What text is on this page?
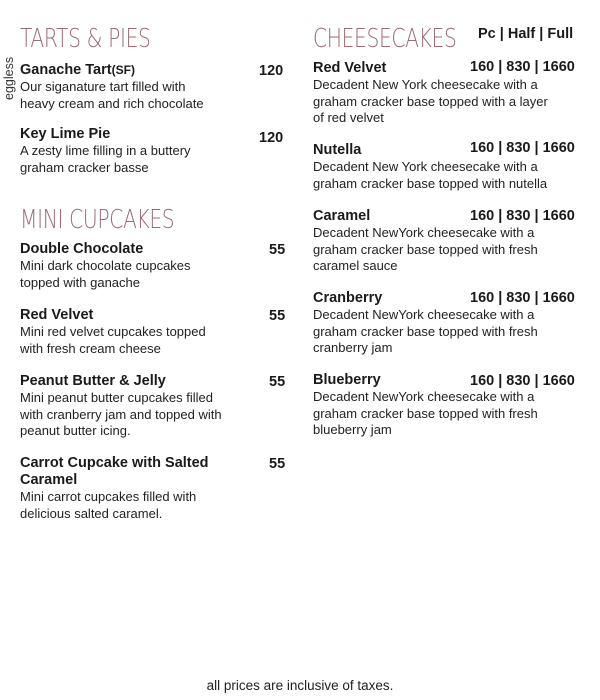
TARTS & PIES
eggless Ganache Tart(SF)
Our siganature tart filled with heavy cream and rich chocolate
120
Key Lime Pie
A zesty lime filling in a buttery graham cracker basse
120
MINI CUPCAKES
Double Chocolate
Mini dark chocolate cupcakes topped with ganache
55
Red Velvet
Mini red velvet cupcakes topped with fresh cream cheese
55
Peanut Butter & Jelly
Mini peanut butter cupcakes filled with cranberry jam and topped with peanut butter icing.
55
Carrot Cupcake with Salted Caramel
Mini carrot cupcakes filled with delicious salted caramel.
55
CHEESECAKES Pc | Half | Full
Red Velvet
Decadent New York cheesecake with a graham cracker base topped with a layer of red velvet
160 | 830 | 1660
Nutella
Decadent New York cheesecake with a graham cracker base topped with nutella
160 | 830 | 1660
Caramel
Decadent NewYork cheesecake with a graham cracker base topped with fresh caramel sauce
160 | 830 | 1660
Cranberry
Decadent NewYork cheesecake with a graham cracker base topped with fresh cranberry jam
160 | 830 | 1660
Blueberry
Decadent NewYork cheesecake with a graham cracker base topped with fresh blueberry jam
160 | 830 | 1660
all prices are inclusive of taxes.
